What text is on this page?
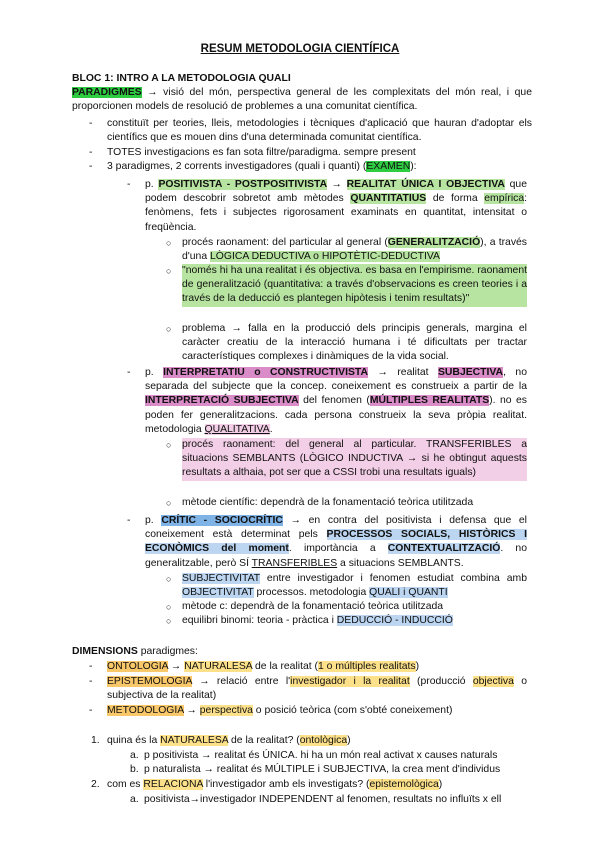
RESUM METODOLOGIA CIENTÍFICA
BLOC 1: INTRO A LA METODOLOGIA QUALI
PARADIGMES → visió del món, perspectiva general de les complexitats del món real, i que proporcionen models de resolució de problemes a una comunitat científica.
- constituït per teories, lleis, metodologies i tècniques d'aplicació que hauran d'adoptar els científics que es mouen dins d'una determinada comunitat científica.
- TOTES investigacions es fan sota filtre/paradigma. sempre present
- 3 paradigmes, 2 corrents investigadores (quali i quanti) (EXAMEN):
- p. POSITIVISTA - POSTPOSITIVISTA → REALITAT ÚNICA I OBJECTIVA que podem descobrir sobretot amb mètodes QUANTITATIUS de forma empírica: fenòmens, fets i subjectes rigorosament examinats en quantitat, intensitat o freqüència.
○ procés raonament: del particular al general (GENERALITZACIÓ), a través d'una LÒGICA DEDUCTIVA o HIPOTÈTIC-DEDUCTIVA
○ "només hi ha una realitat i és objectiva. es basa en l'empirisme. raonament de generalització (quantitativa: a través d'observacions es creen teories i a través de la deducció es plantegen hipòtesis i tenim resultats)"
○ problema → falla en la producció dels principis generals, margina el caràcter creatiu de la interacció humana i té dificultats per tractar característiques complexes i dinàmiques de la vida social.
- p. INTERPRETATIU o CONSTRUCTIVISTA → realitat SUBJECTIVA, no separada del subjecte que la concep. coneixement es construeix a partir de la INTERPRETACIÓ SUBJECTIVA del fenomen (MÚLTIPLES REALITATS). no es poden fer generalitzacions. cada persona construeix la seva pròpia realitat. metodologia QUALITATIVA.
○ procés raonament: del general al particular. TRANSFERIBLES a situacions SEMBLANTS (LÒGICO INDUCTIVA → si he obtingut aquests resultats a althaia, pot ser que a CSSI trobi una resultats iguals)
○ mètode científic: dependrà de la fonamentació teòrica utilitzada
- p. CRÍTIC - SOCIOCRÍTIC → en contra del positivista i defensa que el coneixement està determinat pels PROCESSOS SOCIALS, HISTÒRICS I ECONÒMICS del moment. importància a CONTEXTUALITZACIÓ. no generalitzable, però SÍ TRANSFERIBLES a situacions SEMBLANTS.
○ SUBJECTIVITAT entre investigador i fenomen estudiat combina amb OBJECTIVITAT processos. metodologia QUALI i QUANTI
○ mètode c: dependrà de la fonamentació teòrica utilitzada
○ equilibri binomi: teoria - pràctica i DEDUCCIÓ - INDUCCIÓ
DIMENSIONS paradigmes:
- ONTOLOGIA → NATURALESA de la realitat (1 o múltiples realitats)
- EPISTEMOLOGIA → relació entre l'investigador i la realitat (producció objectiva o subjectiva de la realitat)
- METODOLOGIA → perspectiva o posició teòrica (com s'obté coneixement)
1. quina és la NATURALESA de la realitat? (ontològica)
a. p positivista → realitat és ÚNICA. hi ha un món real activat x causes naturals
b. p naturalista → realitat és MÚLTIPLE i SUBJECTIVA, la crea ment d'individus
2. com es RELACIONA l'investigador amb els investigats? (epistemològica)
a. positivista→investigador INDEPENDENT al fenomen, resultats no influïts x ell
